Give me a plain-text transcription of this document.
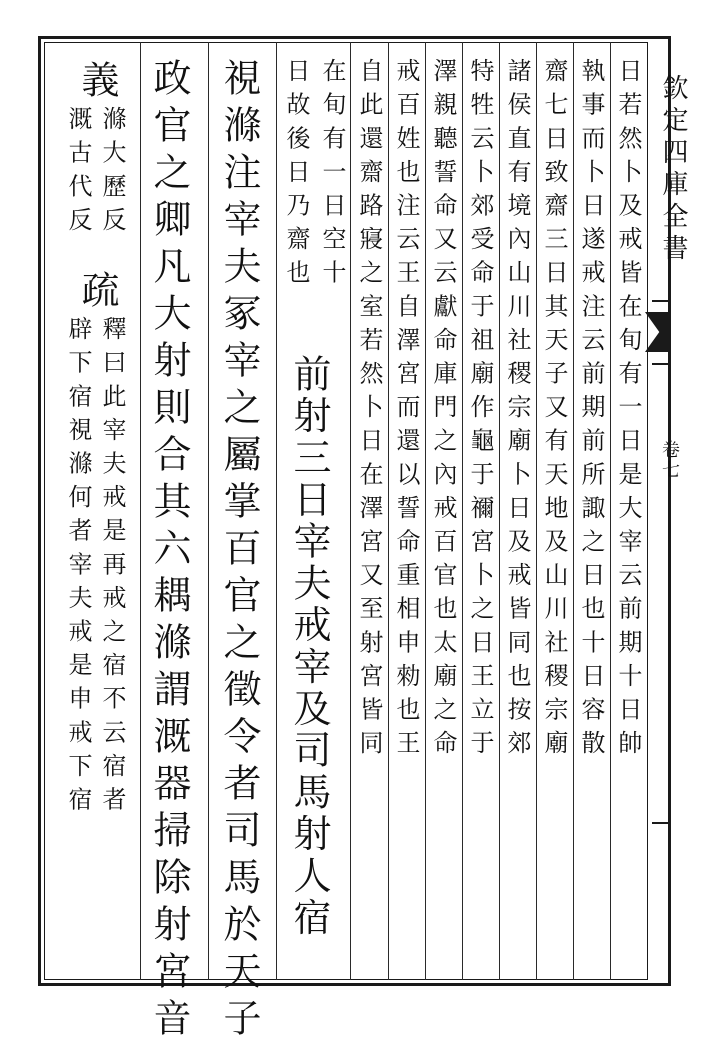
欽定四庫全書
卷七
日若然卜及戒皆在旬有一日是大宰云前期十日帥
執事而卜日遂戒注云前期前所諏之日也十日容散
齋七日致齋三日其天子又有天地及山川社稷宗廟
諸侯直有境內山川社稷宗廟卜日及戒皆同也按郊
特牲云卜郊受命于祖廟作龜于禰宮卜之日王立于
澤親聽誓命又云獻命庫門之內戒百官也太廟之命
戒百姓也注云王自澤宮而還以誓命重相申勑也王
自此還齋路寢之室若然卜日在澤宮又至射宮皆同
在旬有一日空十
日故後日乃齋也
前射三日宰夫戒宰及司馬射人宿
視滌注宰夫冢宰之屬掌百官之徵令者司馬於天子
政官之卿凡大射則合其六耦滌謂溉器掃除射宮音
義
滌大歷反
溉古代反
疏
釋曰此宰夫戒是再戒之宿不云宿者
辟下宿視滌何者宰夫戒是申戒下宿
